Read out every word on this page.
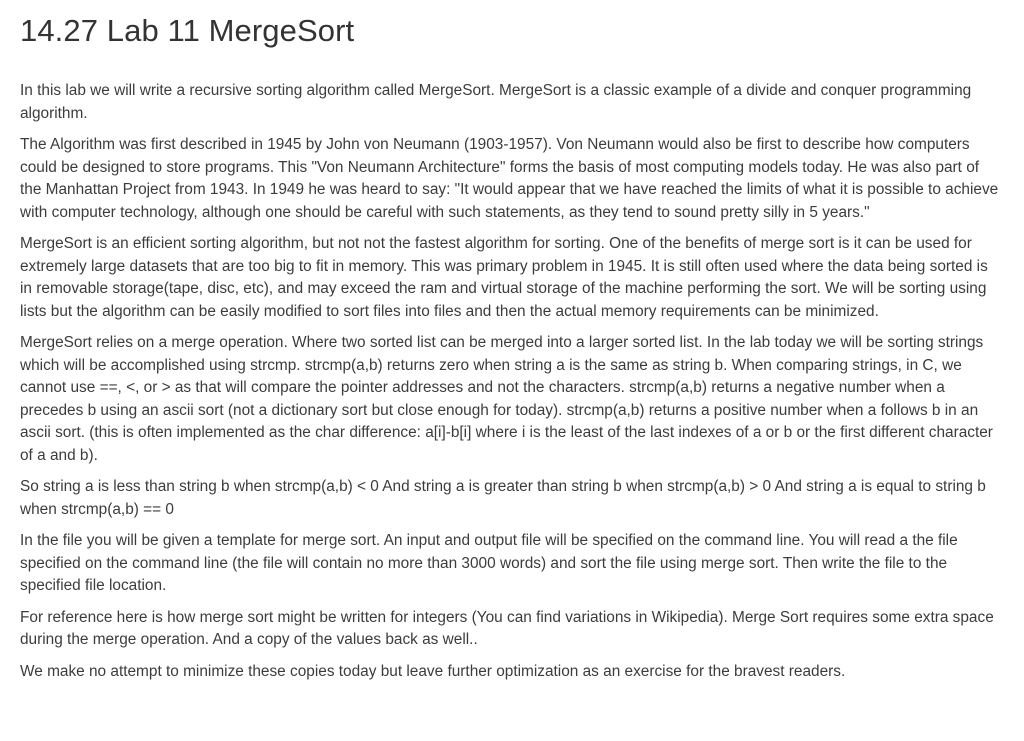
14.27 Lab 11 MergeSort

In this lab we will write a recursive sorting algorithm called MergeSort. MergeSort is a classic example of a divide and conquer programming algorithm.

The Algorithm was first described in 1945 by John von Neumann (1903-1957). Von Neumann would also be first to describe how computers could be designed to store programs. This "Von Neumann Architecture" forms the basis of most computing models today. He was also part of the Manhattan Project from 1943. In 1949 he was heard to say: "It would appear that we have reached the limits of what it is possible to achieve with computer technology, although one should be careful with such statements, as they tend to sound pretty silly in 5 years."

MergeSort is an efficient sorting algorithm, but not not the fastest algorithm for sorting. One of the benefits of merge sort is it can be used for extremely large datasets that are too big to fit in memory. This was primary problem in 1945. It is still often used where the data being sorted is in removable storage(tape, disc, etc), and may exceed the ram and virtual storage of the machine performing the sort. We will be sorting using lists but the algorithm can be easily modified to sort files into files and then the actual memory requirements can be minimized.

MergeSort relies on a merge operation. Where two sorted list can be merged into a larger sorted list. In the lab today we will be sorting strings which will be accomplished using strcmp. strcmp(a,b) returns zero when string a is the same as string b. When comparing strings, in C, we cannot use ==, <, or > as that will compare the pointer addresses and not the characters. strcmp(a,b) returns a negative number when a precedes b using an ascii sort (not a dictionary sort but close enough for today). strcmp(a,b) returns a positive number when a follows b in an ascii sort. (this is often implemented as the char difference: a[i]-b[i] where i is the least of the last indexes of a or b or the first different character of a and b).

So string a is less than string b when strcmp(a,b) < 0 And string a is greater than string b when strcmp(a,b) > 0 And string a is equal to string b when strcmp(a,b) == 0

In the file you will be given a template for merge sort. An input and output file will be specified on the command line. You will read a the file specified on the command line (the file will contain no more than 3000 words) and sort the file using merge sort. Then write the file to the specified file location.

For reference here is how merge sort might be written for integers (You can find variations in Wikipedia). Merge Sort requires some extra space during the merge operation. And a copy of the values back as well..

We make no attempt to minimize these copies today but leave further optimization as an exercise for the bravest readers.
